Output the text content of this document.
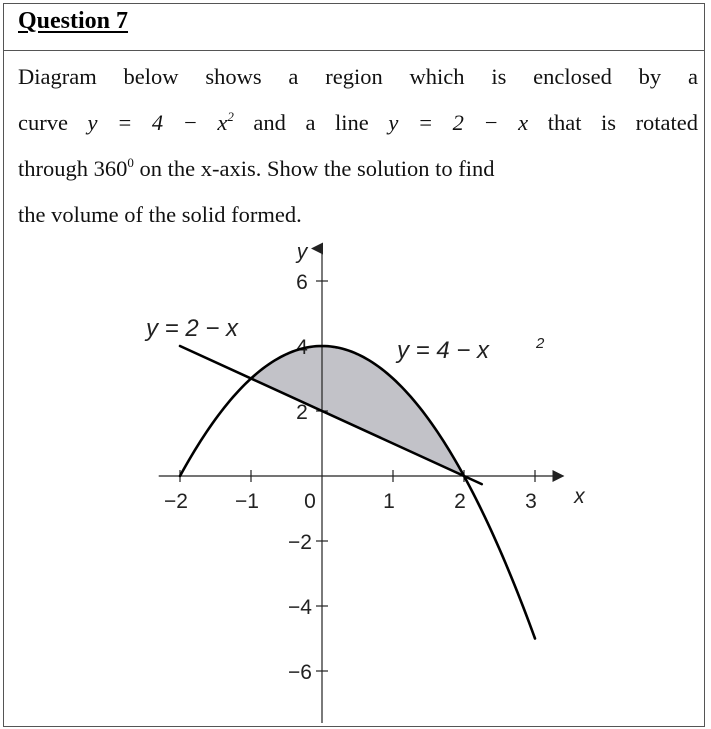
Question 7
Diagram below shows a region which is enclosed by a
curve $y = 4 - x^2$ and a line y = 2 − x that is rotated
through $360^0$ on the x-axis. Show the solution to find
the volume of the solid formed.
−2 −1 0	1	2	3
−6
−4
−2
2
4
6
x
y
y = 2 − x
y = 4 − x	2
